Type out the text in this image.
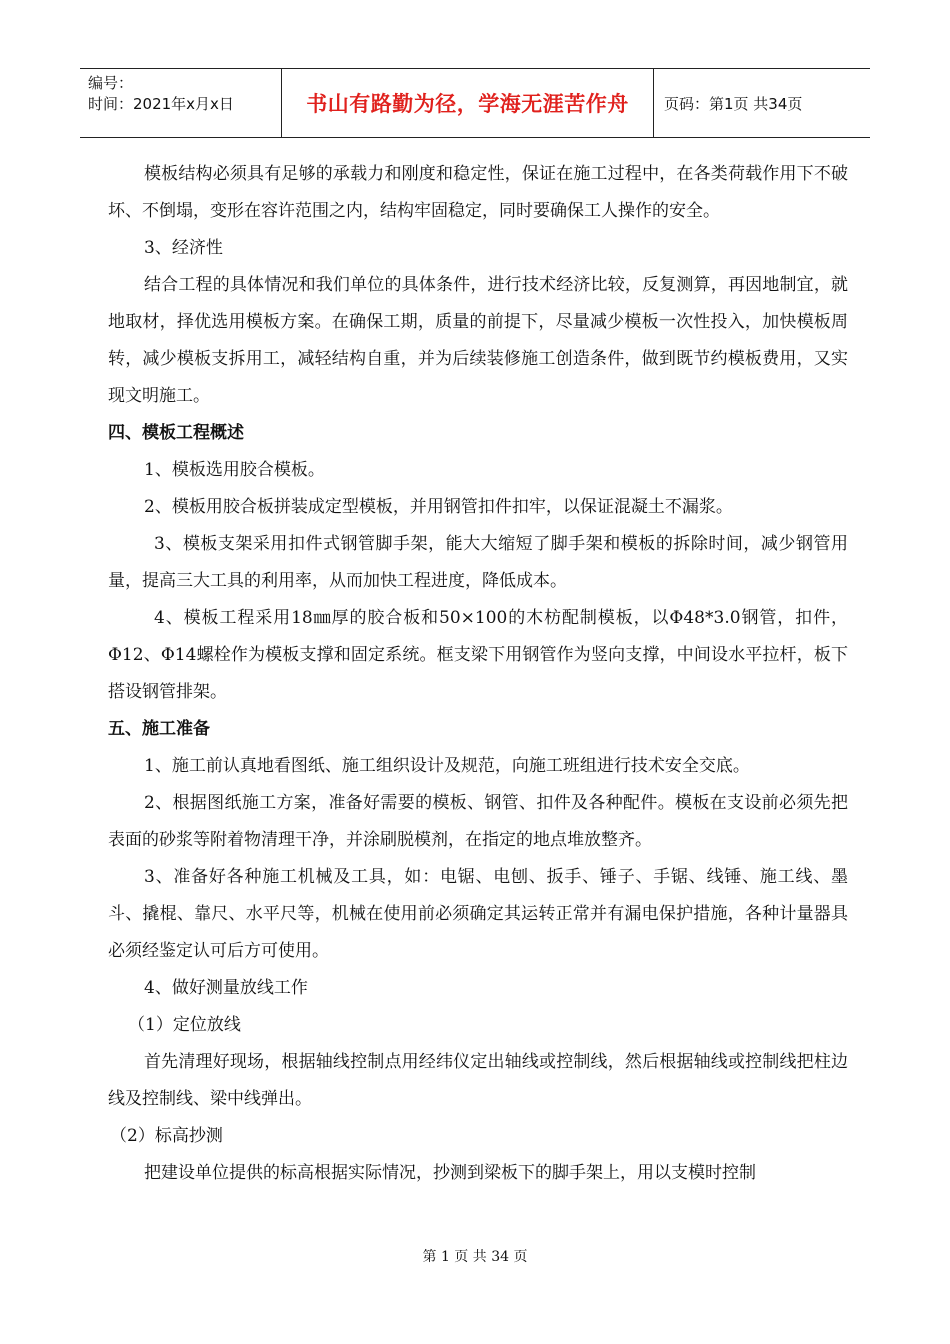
编号：
时间：2021年x月x日	书山有路勤为径，学海无涯苦作舟	页码：第1页 共34页

模板结构必须具有足够的承载力和刚度和稳定性，保证在施工过程中，在各类荷载作用下不破坏、不倒塌，变形在容许范围之内，结构牢固稳定，同时要确保工人操作的安全。

3、经济性

结合工程的具体情况和我们单位的具体条件，进行技术经济比较，反复测算，再因地制宜，就地取材，择优选用模板方案。在确保工期，质量的前提下，尽量减少模板一次性投入，加快模板周转，减少模板支拆用工，减轻结构自重，并为后续装修施工创造条件，做到既节约模板费用，又实现文明施工。

四、模板工程概述

1、模板选用胶合模板。

2、模板用胶合板拼装成定型模板，并用钢管扣件扣牢，以保证混凝土不漏浆。

3、模板支架采用扣件式钢管脚手架，能大大缩短了脚手架和模板的拆除时间，减少钢管用量，提高三大工具的利用率，从而加快工程进度，降低成本。

4、模板工程采用18㎜厚的胶合板和50×100的木枋配制模板，以Φ48*3.0钢管，扣件，Φ12、Φ14螺栓作为模板支撑和固定系统。框支梁下用钢管作为竖向支撑，中间设水平拉杆，板下搭设钢管排架。

五、施工准备

1、施工前认真地看图纸、施工组织设计及规范，向施工班组进行技术安全交底。

2、根据图纸施工方案，准备好需要的模板、钢管、扣件及各种配件。模板在支设前必须先把表面的砂浆等附着物清理干净，并涂刷脱模剂，在指定的地点堆放整齐。

3、准备好各种施工机械及工具，如：电锯、电刨、扳手、锤子、手锯、线锤、施工线、墨斗、撬棍、靠尺、水平尺等，机械在使用前必须确定其运转正常并有漏电保护措施，各种计量器具必须经鉴定认可后方可使用。

4、做好测量放线工作

（1）定位放线

首先清理好现场，根据轴线控制点用经纬仪定出轴线或控制线，然后根据轴线或控制线把柱边线及控制线、梁中线弹出。

（2）标高抄测

把建设单位提供的标高根据实际情况，抄测到梁板下的脚手架上，用以支模时控制

第 1 页 共 34 页
